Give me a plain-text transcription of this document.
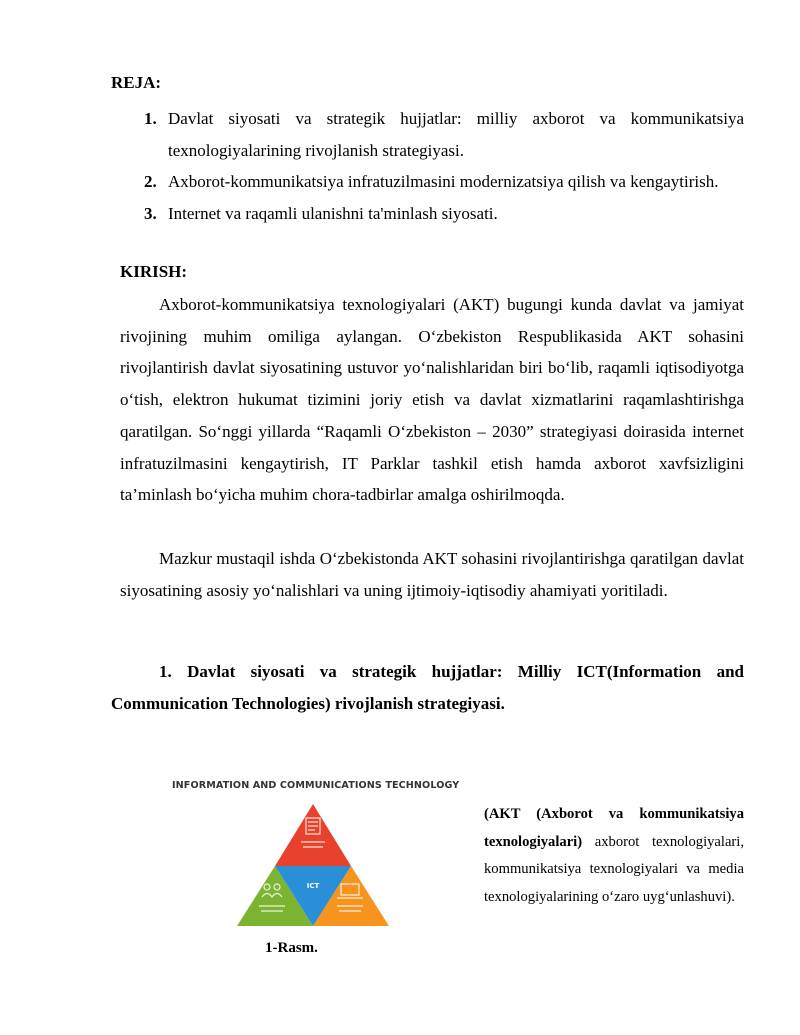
REJA:
1. Davlat siyosati va strategik hujjatlar: milliy axborot va kommunikatsiya texnologiyalarining rivojlanish strategiyasi.
2. Axborot-kommunikatsiya infratuzilmasini modernizatsiya qilish va kengaytirish.
3. Internet va raqamli ulanishni ta'minlash siyosati.
KIRISH:

Axborot-kommunikatsiya texnologiyalari (AKT) bugungi kunda davlat va jamiyat rivojining muhim omiliga aylangan. O‘zbekiston Respublikasida AKT sohasini rivojlantirish davlat siyosatining ustuvor yo‘nalishlaridan biri bo‘lib, raqamli iqtisodiyotga o‘tish, elektron hukumat tizimini joriy etish va davlat xizmatlarini raqamlashtirishga qaratilgan. So‘nggi yillarda “Raqamli O‘zbekiston – 2030” strategiyasi doirasida internet infratuzilmasini kengaytirish, IT Parklar tashkil etish hamda axborot xavfsizligini ta’minlash bo‘yicha muhim chora-tadbirlar amalga oshirilmoqda.

Mazkur mustaqil ishda O‘zbekistonda AKT sohasini rivojlantirishga qaratilgan davlat siyosatining asosiy yo‘nalishlari va uning ijtimoiy-iqtisodiy ahamiyati yoritiladi.

1. Davlat siyosati va strategik hujjatlar: Milliy ICT(Information and Communication Technologies) rivojlanish strategiyasi.

INFORMATION AND COMMUNICATIONS TECHNOLOGY
ICT
1-Rasm.

(AKT (Axborot va kommunikatsiya texnologiyalari) axborot texnologiyalari, kommunikatsiya texnologiyalari va media texnologiyalarining o‘zaro uyg‘unlashuvi).
